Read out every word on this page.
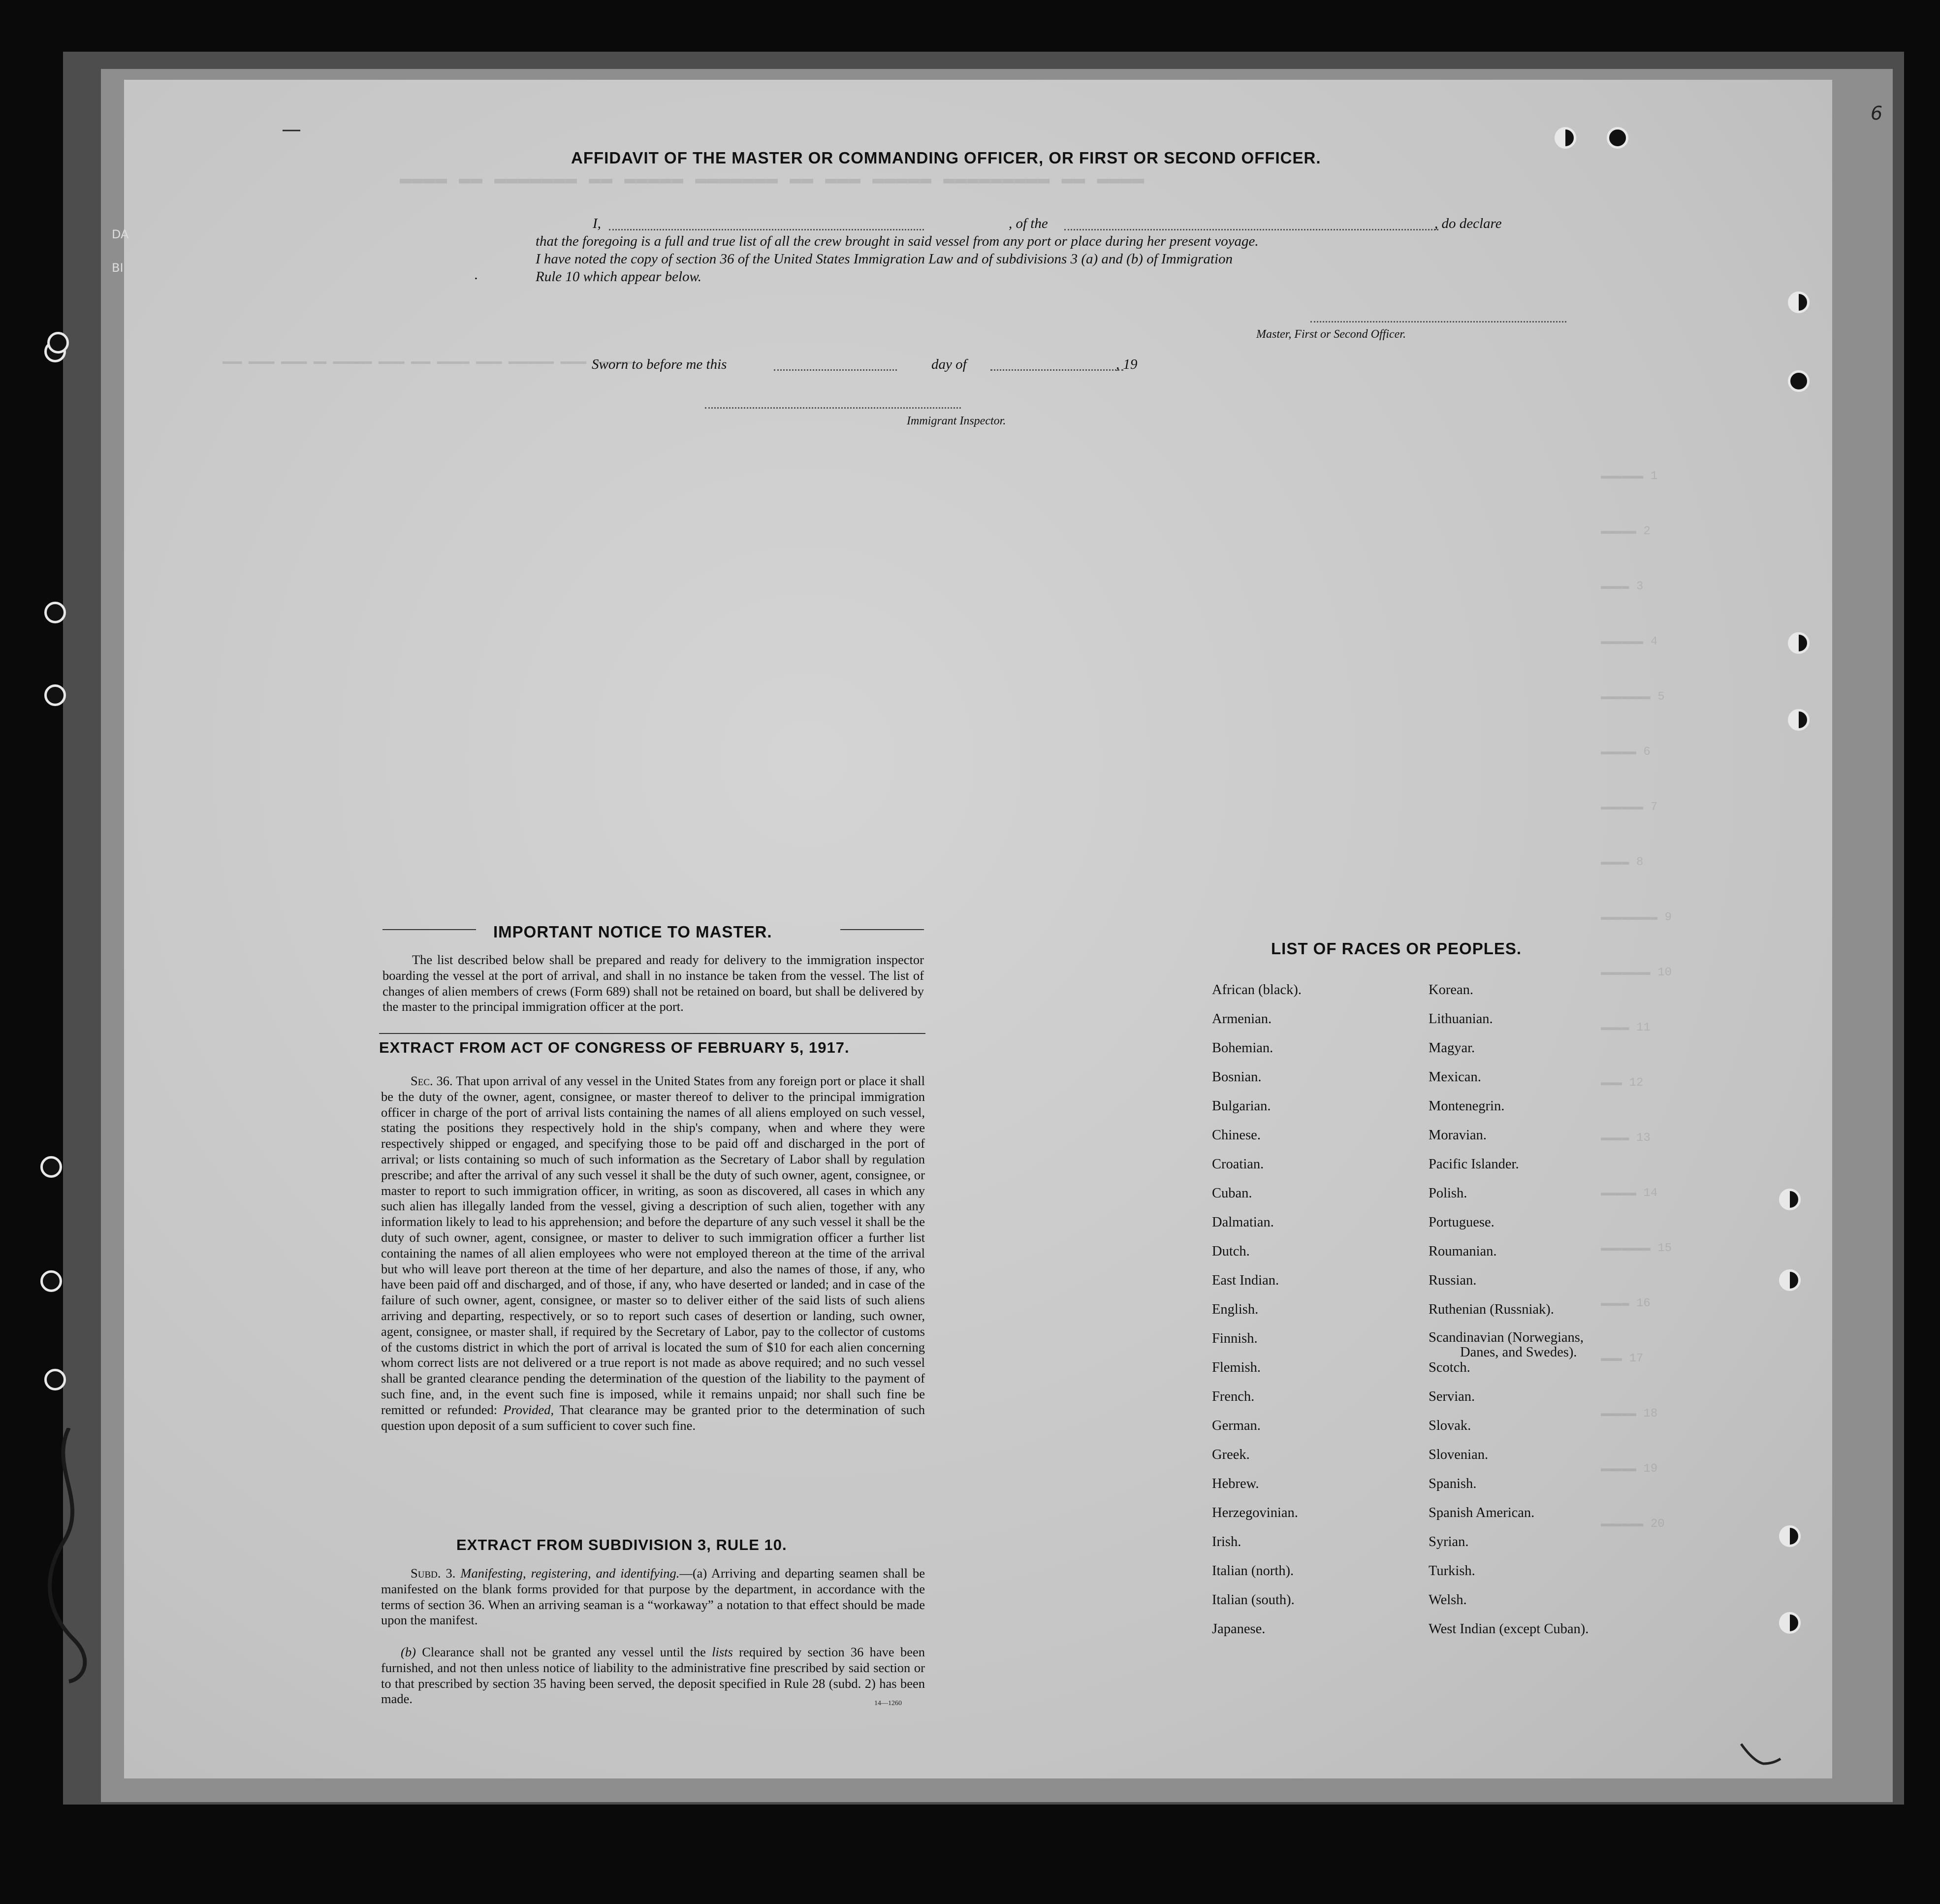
▬▬▬▬ ▬▬ ▬▬▬▬▬▬▬ ▬▬ ▬▬▬▬▬ ▬▬▬▬▬▬▬ ▬▬ ▬▬▬ ▬▬▬▬▬ ▬▬▬▬▬▬▬▬▬ ▬▬ ▬▬▬▬
▬▬▬ ▬▬▬▬ ▬▬▬▬ ▬▬ ▬▬▬▬▬▬ ▬▬▬▬ ▬▬▬ ▬▬▬▬▬ ▬▬▬▬ ▬▬▬▬▬▬▬ ▬▬▬▬ ▬▬▬▬▬▬
▬▬▬▬▬▬ 1
▬▬▬▬▬ 2
▬▬▬▬ 3
▬▬▬▬▬▬ 4
▬▬▬▬▬▬▬ 5
▬▬▬▬▬ 6
▬▬▬▬▬▬ 7
▬▬▬▬ 8
▬▬▬▬▬▬▬▬ 9
▬▬▬▬▬▬▬ 10
▬▬▬▬ 11
▬▬▬ 12
▬▬▬▬ 13
▬▬▬▬▬ 14
▬▬▬▬▬▬▬ 15
▬▬▬▬ 16
▬▬▬ 17
▬▬▬▬▬ 18
▬▬▬▬▬ 19
▬▬▬▬▬▬ 20
—
6
DA
BI
AFFIDAVIT OF THE MASTER OR COMMANDING OFFICER, OR FIRST OR SECOND OFFICER.
I,	, of the	, do declare
that the foregoing is a full and true list of all the crew brought in said vessel from any port or place during her present voyage.
I have noted the copy of section 36 of the United States Immigration Law and of subdivisions 3 (a) and (b) of Immigration
Rule 10 which appear below.
.
Master, First or Second Officer.
Sworn to before me this	day of	, 19
Immigrant Inspector.
IMPORTANT NOTICE TO MASTER.

The list described below shall be prepared and ready for delivery to the immigration inspector boarding the vessel at the port of arrival, and shall in no instance be taken from the vessel. The list of changes of alien members of crews (Form 689) shall not be retained on board, but shall be delivered by the master to the principal immigration officer at the port.

EXTRACT FROM ACT OF CONGRESS OF FEBRUARY 5, 1917.

Sec. 36. That upon arrival of any vessel in the United States from any foreign port or place it shall be the duty of the owner, agent, consignee, or master thereof to deliver to the principal immigration officer in charge of the port of arrival lists containing the names of all aliens employed on such vessel, stating the positions they respectively hold in the ship's company, when and where they were respectively shipped or engaged, and specifying those to be paid off and discharged in the port of arrival; or lists containing so much of such information as the Secretary of Labor shall by regulation prescribe; and after the arrival of any such vessel it shall be the duty of such owner, agent, consignee, or master to report to such immigration officer, in writing, as soon as discovered, all cases in which any such alien has illegally landed from the vessel, giving a description of such alien, together with any information likely to lead to his apprehension; and before the departure of any such vessel it shall be the duty of such owner, agent, consignee, or master to deliver to such immigration officer a further list containing the names of all alien employees who were not employed thereon at the time of the arrival but who will leave port thereon at the time of her departure, and also the names of those, if any, who have been paid off and discharged, and of those, if any, who have deserted or landed; and in case of the failure of such owner, agent, consignee, or master so to deliver either of the said lists of such aliens arriving and departing, respectively, or so to report such cases of desertion or landing, such owner, agent, consignee, or master shall, if required by the Secretary of Labor, pay to the collector of customs of the customs district in which the port of arrival is located the sum of $10 for each alien concerning whom correct lists are not delivered or a true report is not made as above required; and no such vessel shall be granted clearance pending the determination of the question of the liability to the payment of such fine, and, in the event such fine is imposed, while it remains unpaid; nor shall such fine be remitted or refunded: Provided, That clearance may be granted prior to the determination of such question upon deposit of a sum sufficient to cover such fine.

EXTRACT FROM SUBDIVISION 3, RULE 10.

Subd. 3. Manifesting, registering, and identifying.—(a) Arriving and departing seamen shall be manifested on the blank forms provided for that purpose by the department, in accordance with the terms of section 36. When an arriving seaman is a “workaway” a notation to that effect should be made upon the manifest.

(b) Clearance shall not be granted any vessel until the lists required by section 36 have been furnished, and not then unless notice of liability to the administrative fine prescribed by said section or to that prescribed by section 35 having been served, the deposit specified in Rule 28 (subd. 2) has been made.	14—1260
LIST OF RACES OR PEOPLES.
African (black).
Armenian.
Bohemian.
Bosnian.
Bulgarian.
Chinese.
Croatian.
Cuban.
Dalmatian.
Dutch.
East Indian.
English.
Finnish.
Flemish.
French.
German.
Greek.
Hebrew.
Herzegovinian.
Irish.
Italian (north).
Italian (south).
Japanese.
Korean.
Lithuanian.
Magyar.
Mexican.
Montenegrin.
Moravian.
Pacific Islander.
Polish.
Portuguese.
Roumanian.
Russian.
Ruthenian (Russniak).
Scandinavian (Norwegians,
Danes, and Swedes).
Scotch.
Servian.
Slovak.
Slovenian.
Spanish.
Spanish American.
Syrian.
Turkish.
Welsh.
West Indian (except Cuban).
